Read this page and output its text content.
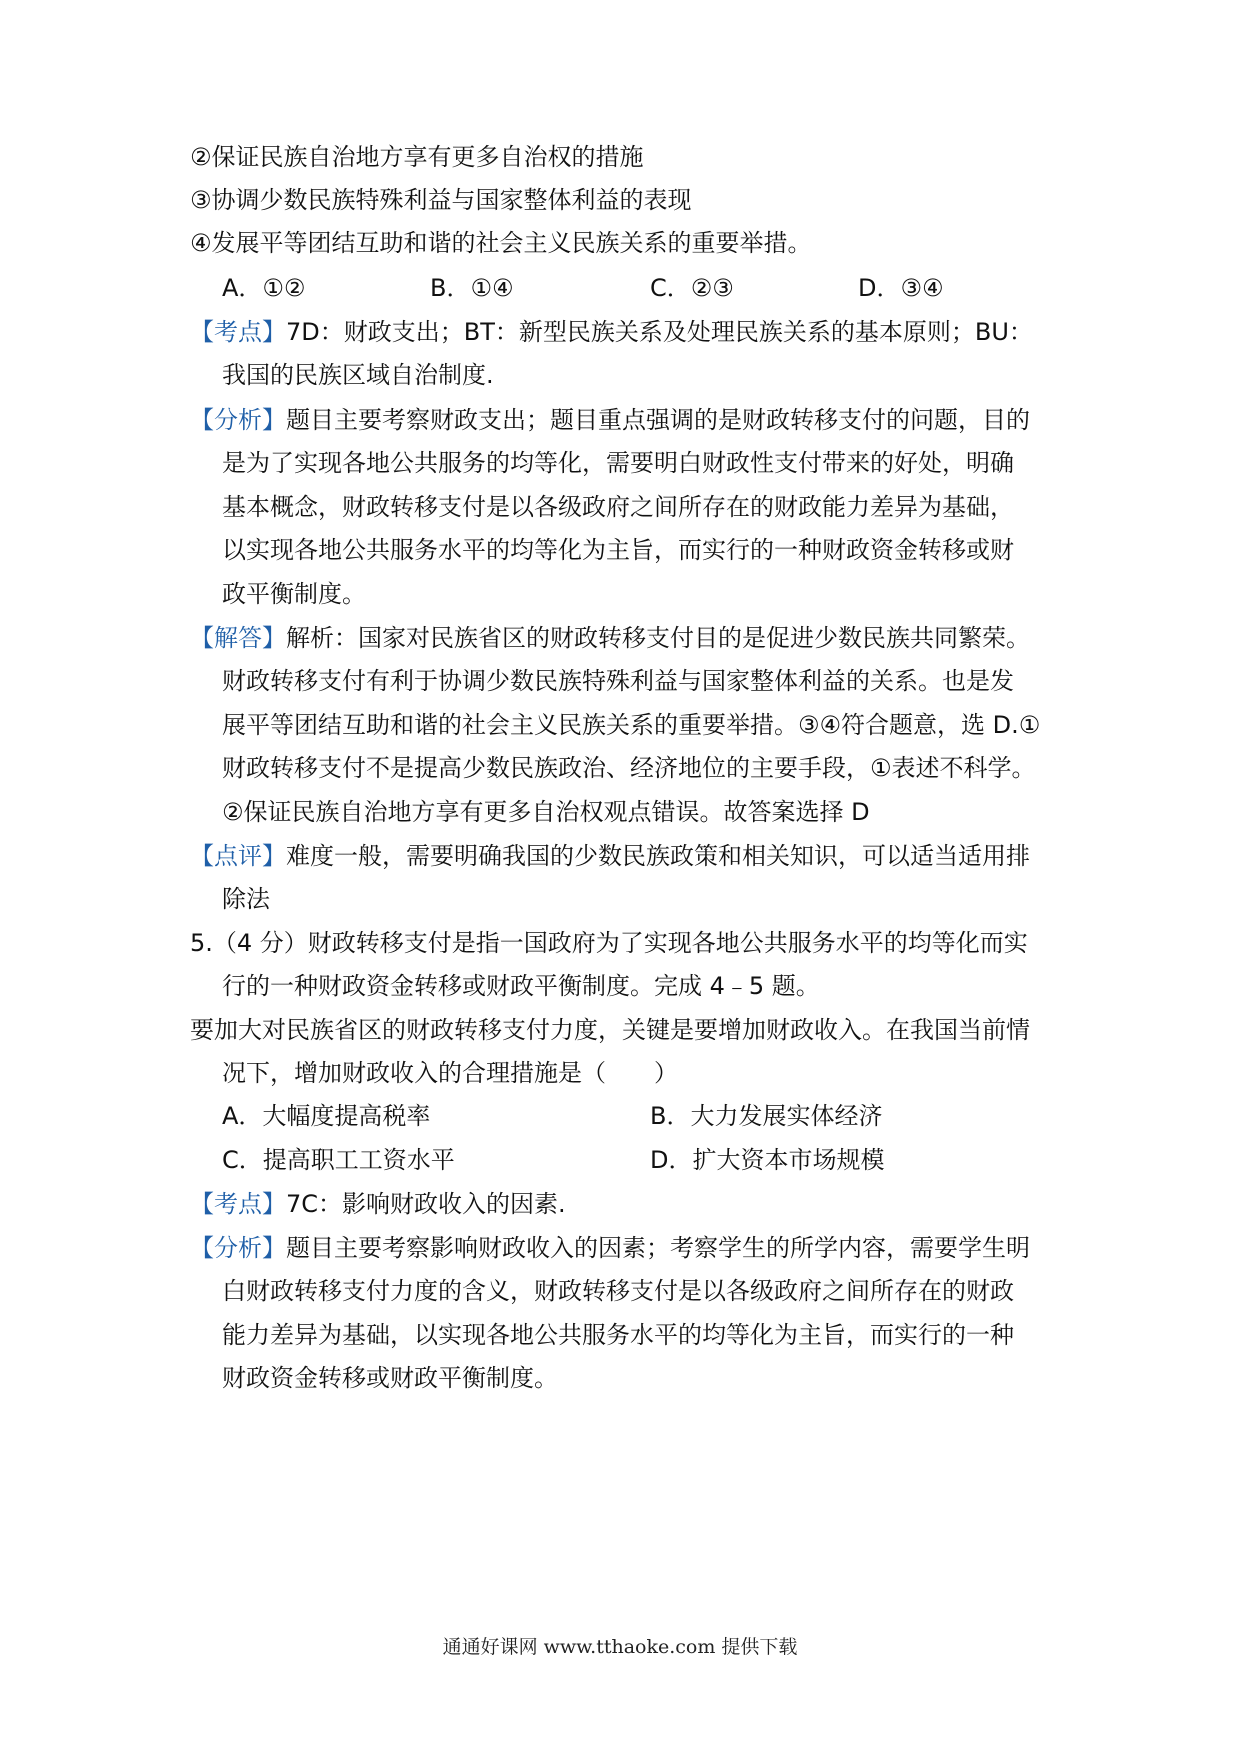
②保证民族自治地方享有更多自治权的措施
③协调少数民族特殊利益与国家整体利益的表现
④发展平等团结互助和谐的社会主义民族关系的重要举措。
A．①②	B．①④	C．②③	D．③④
【考点】7D：财政支出；BT：新型民族关系及处理民族关系的基本原则；BU：
我国的民族区域自治制度.
【分析】题目主要考察财政支出；题目重点强调的是财政转移支付的问题，目的
是为了实现各地公共服务的均等化，需要明白财政性支付带来的好处，明确
基本概念，财政转移支付是以各级政府之间所存在的财政能力差异为基础，
以实现各地公共服务水平的均等化为主旨，而实行的一种财政资金转移或财
政平衡制度。
【解答】解析：国家对民族省区的财政转移支付目的是促进少数民族共同繁荣。
财政转移支付有利于协调少数民族特殊利益与国家整体利益的关系。也是发
展平等团结互助和谐的社会主义民族关系的重要举措。③④符合题意，选 D.①
财政转移支付不是提高少数民族政治、经济地位的主要手段，①表述不科学。
②保证民族自治地方享有更多自治权观点错误。故答案选择 D
【点评】难度一般，需要明确我国的少数民族政策和相关知识，可以适当适用排
除法
5.（4 分）财政转移支付是指一国政府为了实现各地公共服务水平的均等化而实
行的一种财政资金转移或财政平衡制度。完成 4﹣5 题。
要加大对民族省区的财政转移支付力度，关键是要增加财政收入。在我国当前情
况下，增加财政收入的合理措施是（　　）
A．大幅度提高税率	B．大力发展实体经济
C．提高职工工资水平	D．扩大资本市场规模
【考点】7C：影响财政收入的因素.
【分析】题目主要考察影响财政收入的因素；考察学生的所学内容，需要学生明
白财政转移支付力度的含义，财政转移支付是以各级政府之间所存在的财政
能力差异为基础，以实现各地公共服务水平的均等化为主旨，而实行的一种
财政资金转移或财政平衡制度。
通通好课网 www.tthaoke.com 提供下载
